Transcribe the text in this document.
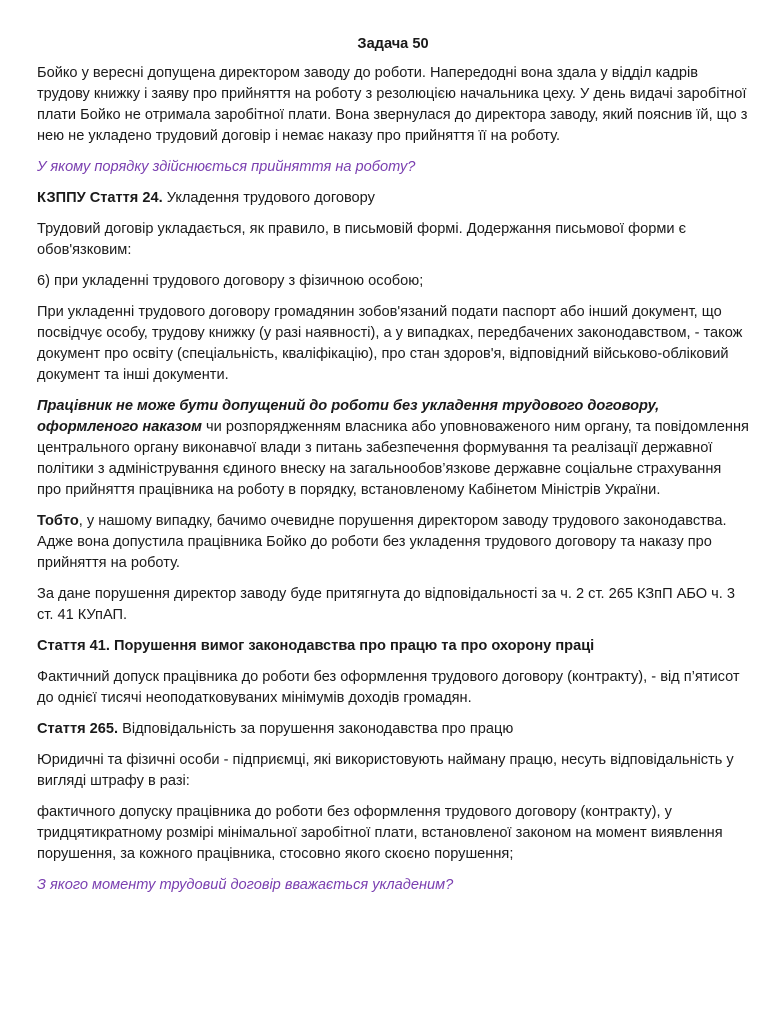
Задача 50

Бойко у вересні допущена директором заводу до роботи. Напередодні вона здала у відділ кадрів трудову книжку і заяву про прийняття на роботу з резолюцією начальника цеху. У день видачі заробітної плати Бойко не отримала заробітної плати. Вона звернулася до директора заводу, який пояснив їй, що з нею не укладено трудовий договір і немає наказу про прийняття її на роботу.

У якому порядку здійснюється прийняття на роботу?

КЗППУ Стаття 24. Укладення трудового договору

Трудовий договір укладається, як правило, в письмовій формі. Додержання письмової форми є обов'язковим:

6) при укладенні трудового договору з фізичною особою;

При укладенні трудового договору громадянин зобов'язаний подати паспорт або інший документ, що посвідчує особу, трудову книжку (у разі наявності), а у випадках, передбачених законодавством, - також документ про освіту (спеціальність, кваліфікацію), про стан здоров'я, відповідний військово-обліковий документ та інші документи.

Працівник не може бути допущений до роботи без укладення трудового договору, оформленого наказом чи розпорядженням власника або уповноваженого ним органу, та повідомлення центрального органу виконавчої влади з питань забезпечення формування та реалізації державної політики з адміністрування єдиного внеску на загальнообов’язкове державне соціальне страхування про прийняття працівника на роботу в порядку, встановленому Кабінетом Міністрів України.

Тобто, у нашому випадку, бачимо очевидне порушення директором заводу трудового законодавства. Адже вона допустила працівника Бойко до роботи без укладення трудового договору та наказу про прийняття на роботу.

За дане порушення директор заводу буде притягнута до відповідальності за ч. 2 ст. 265 КЗпП АБО ч. 3 ст. 41 КУпАП.

Стаття 41. Порушення вимог законодавства про працю та про охорону праці

Фактичний допуск працівника до роботи без оформлення трудового договору (контракту), - від п’ятисот до однієї тисячі неоподатковуваних мінімумів доходів громадян.

Стаття 265. Відповідальність за порушення законодавства про працю

Юридичні та фізичні особи - підприємці, які використовують найману працю, несуть відповідальність у вигляді штрафу в разі:

фактичного допуску працівника до роботи без оформлення трудового договору (контракту), у тридцятикратному розмірі мінімальної заробітної плати, встановленої законом на момент виявлення порушення, за кожного працівника, стосовно якого скоєно порушення;

З якого моменту трудовий договір вважається укладеним?
